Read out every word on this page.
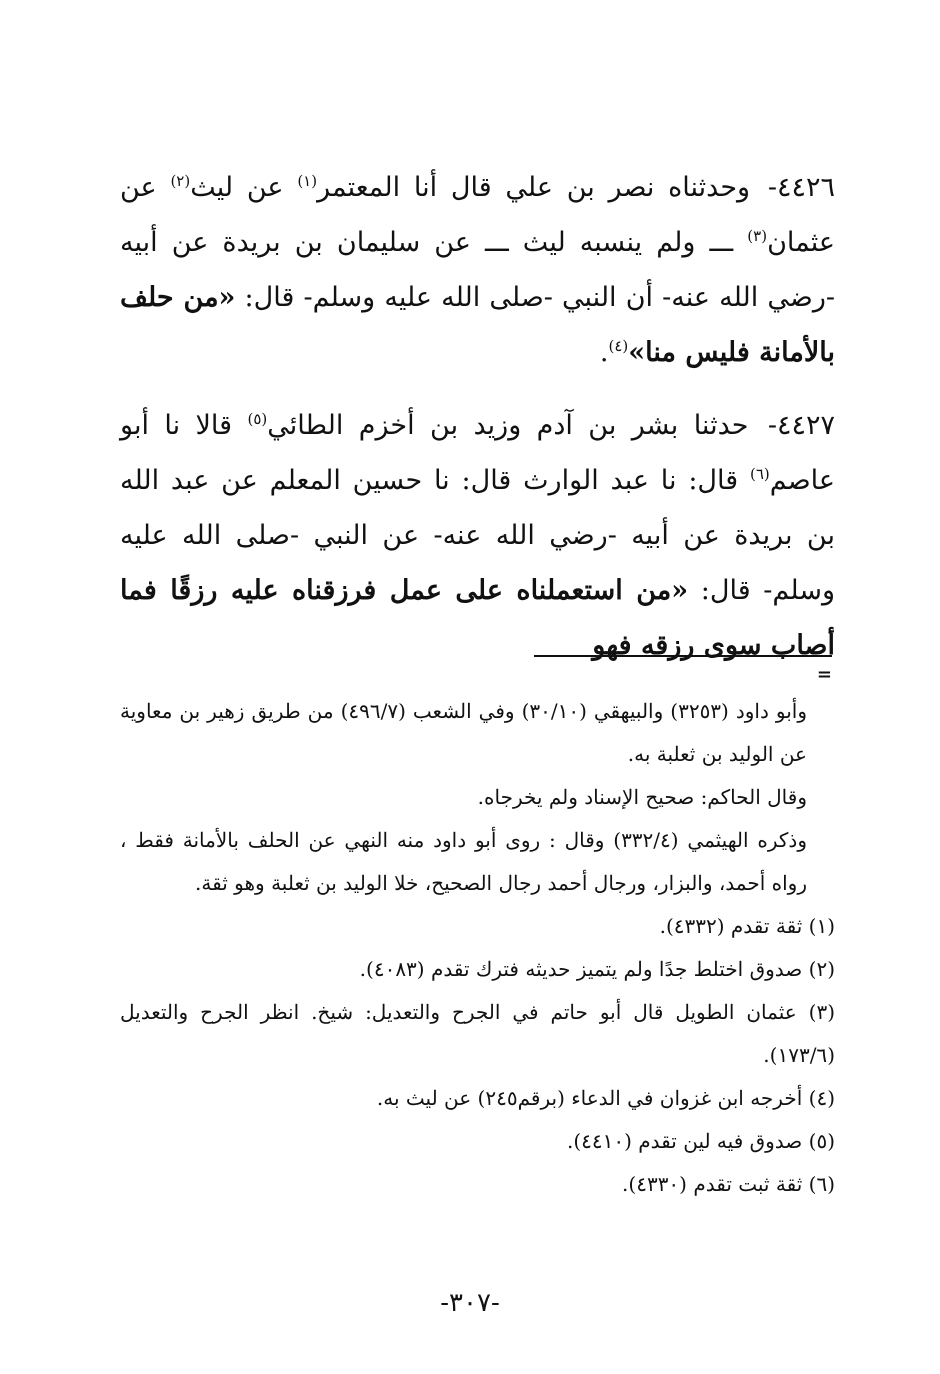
٤٤٢٦- وحدثناه نصر بن علي قال أنا المعتمر$^{(١)}$ عن ليث$^{(٢)}$ عن عثمان$^{(٣)}$ ـــ ولم ينسبه ليث ـــ عن سليمان بن بريدة عن أبيه -رضي الله عنه- أن النبي -صلى الله عليه وسلم- قال: «من حلف بالأمانة فليس منا»$^{(٤)}$.

٤٤٢٧- حدثنا بشر بن آدم وزيد بن أخزم الطائي$^{(٥)}$ قالا نا أبو عاصم$^{(٦)}$ قال: نا عبد الوارث قال: نا حسين المعلم عن عبد الله بن بريدة عن أبيه -رضي الله عنه- عن النبي -صلى الله عليه وسلم- قال: «من استعملناه على عمل فرزقناه عليه رزقًا فما أصاب سوى رزقه فهو

=

وأبو داود (٣٢٥٣) والبيهقي (٣٠/١٠) وفي الشعب (٤٩٦/٧) من طريق زهير بن معاوية عن الوليد بن ثعلبة به.

وقال الحاكم: صحيح الإسناد ولم يخرجاه.

وذكره الهيثمي (٣٣٢/٤) وقال : روى أبو داود منه النهي عن الحلف بالأمانة فقط ، رواه أحمد، والبزار، ورجال أحمد رجال الصحيح، خلا الوليد بن ثعلبة وهو ثقة.

(١) ثقة تقدم (٤٣٣٢).
(٢) صدوق اختلط جدًا ولم يتميز حديثه فترك تقدم (٤٠٨٣).
(٣) عثمان الطويل قال أبو حاتم في الجرح والتعديل: شيخ. انظر الجرح والتعديل (١٧٣/٦).
(٤) أخرجه ابن غزوان في الدعاء (برقم٢٤٥) عن ليث به.
(٥) صدوق فيه لين تقدم (٤٤١٠).
(٦) ثقة ثبت تقدم (٤٣٣٠).
-٣٠٧-
